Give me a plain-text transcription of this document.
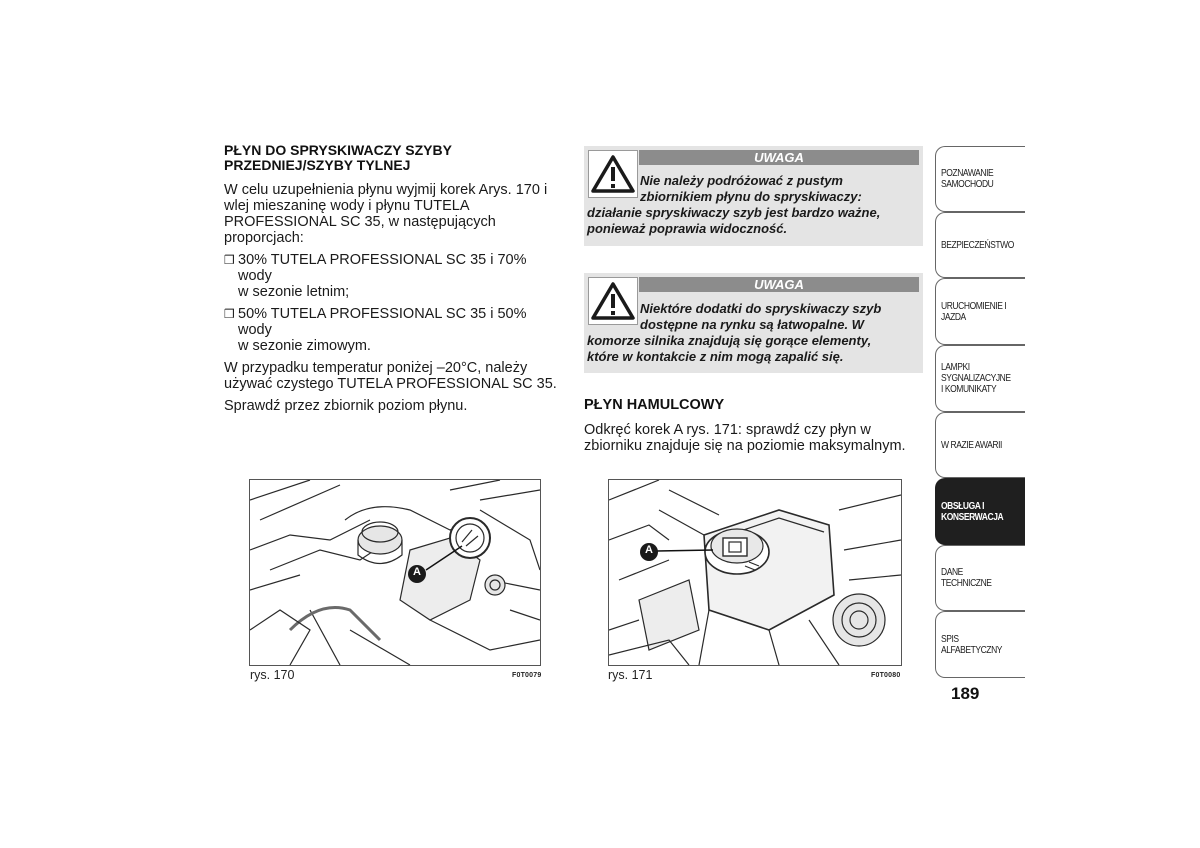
PŁYN DO SPRYSKIWACZY SZYBY
PRZEDNIEJ/SZYBY TYLNEJ

W celu uzupełnienia płynu wyjmij korek Arys. 170 i
wlej mieszaninę wody i płynu TUTELA
PROFESSIONAL SC 35, w następujących
proporcjach:

❒ 30% TUTELA PROFESSIONAL SC 35 i 70% wody
w sezonie letnim;
❒ 50% TUTELA PROFESSIONAL SC 35 i 50% wody
w sezonie zimowym.

W przypadku temperatur poniżej –20°C, należy
używać czystego TUTELA PROFESSIONAL SC 35.

Sprawdź przez zbiornik poziom płynu.

UWAGA
Nie należy podróżować z pustym
zbiornikiem płynu do spryskiwaczy:
działanie spryskiwaczy szyb jest bardzo ważne,
ponieważ poprawia widoczność.
UWAGA
Niektóre dodatki do spryskiwaczy szyb
dostępne na rynku są łatwopalne. W
komorze silnika znajdują się gorące elementy,
które w kontakcie z nim mogą zapalić się.
PŁYN HAMULCOWY
Odkręć korek A rys. 171: sprawdź czy płyn w
zbiorniku znajduje się na poziomie maksymalnym.
A
rys. 170	F0T0079
A
rys. 171	F0T0080
POZNAWANIE SAMOCHODU
BEZPIECZEŃSTWO
URUCHOMIENIE I JAZDA
LAMPKI SYGNALIZACYJNE I KOMUNIKATY
W RAZIE AWARII
OBSŁUGA I KONSERWACJA
DANE TECHNICZNE
SPIS ALFABETYCZNY
189
